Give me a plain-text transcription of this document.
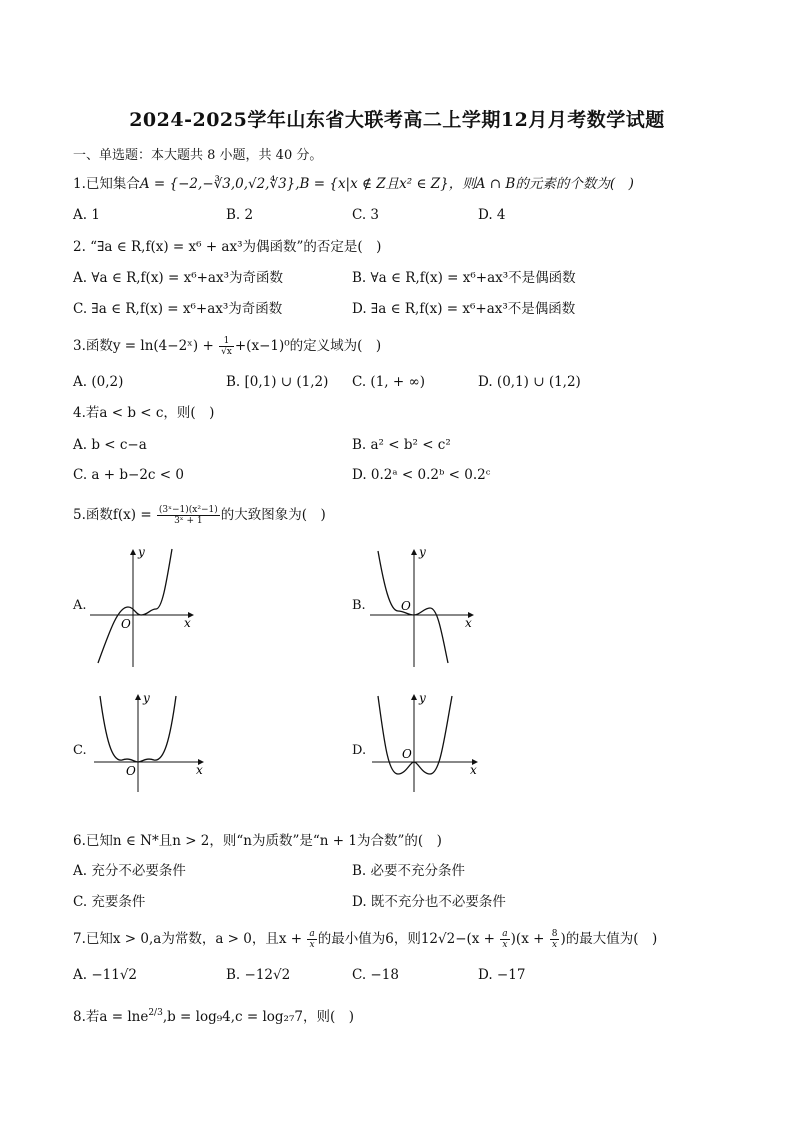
2024-2025学年山东省大联考高二上学期12月月考数学试题
一、单选题：本大题共 8 小题，共 40 分。
1.已知集合A = {−2,−∛3,0,√2,∜3},B = {x|x ∉ Z且x² ∈ Z}，则A ∩ B的元素的个数为(　)
A. 1	B. 2	C. 3	D. 4
2. “∃a ∈ R,f(x) = x⁶ + ax³为偶函数”的否定是(　)
A. ∀a ∈ R,f(x) = x⁶+ax³为奇函数	B. ∀a ∈ R,f(x) = x⁶+ax³不是偶函数
C. ∃a ∈ R,f(x) = x⁶+ax³为奇函数	D. ∃a ∈ R,f(x) = x⁶+ax³不是偶函数
3.函数y = ln(4−2ˣ) + $\frac{1}{√x} +(x-1)^0$的定义域为(　)
A. (0,2)	B. [0,1) ∪ (1,2) C. (1, + ∞)	D. (0,1) ∪ (1,2)
4.若a < b < c，则(　)
A. b < c−a	B. a² < b² < c²
C. a + b−2c < 0	D. 0.2ᵃ < 0.2ᵇ < 0.2ᶜ
5.函数$f(x) = \frac{\text{(3ˣ−1)(x²−1)}}{\text{3ˣ + 1}}$ 的大致图象为(　)
A.
O	x
y
B.	O
x
y
C.
O	x
y
D.	O
x
y
6.已知n ∈ N*且n > 2，则“n为质数”是“n + 1为合数”的(　)
A. 充分不必要条件	B. 必要不充分条件
C. 充要条件	D. 既不充分也不必要条件
7.已知x > 0,a为常数，a > 0，且$x + \frac{a}{x}$ 的最小值为6，则$12√2-(x + \frac{a}{x} )(x + \frac{8}{x}$ )的最大值为(　)
A. −11√2	B. −12√2	C. −18	D. −17
8.若a = lne$^{2/3}$,b = log₉4,c = log₂₇7，则(　)
